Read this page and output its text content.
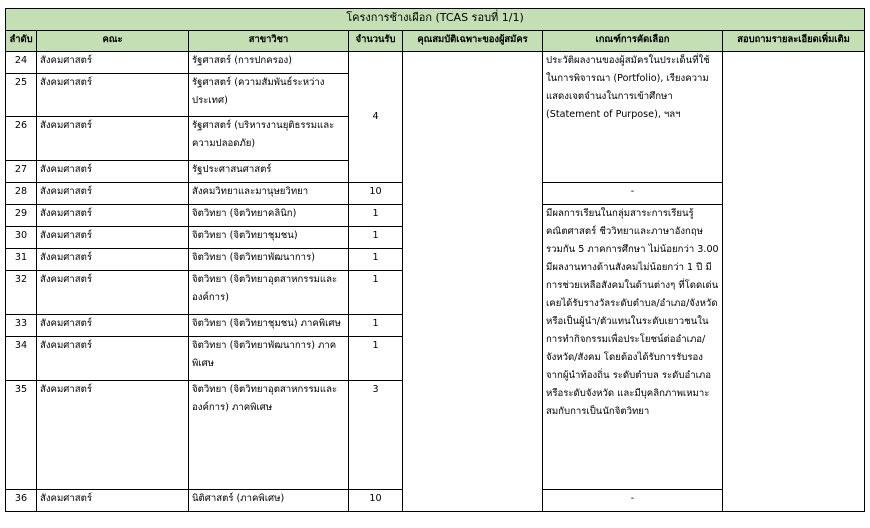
โครงการช้างเผือก (TCAS รอบที่ 1/1)						
ลำดับ	คณะ	สาขาวิชา	จำนวนรับ	คุณสมบัติเฉพาะของผู้สมัคร	เกณฑ์การคัดเลือก	สอบถามรายละเอียดเพิ่มเติม
24	สังคมศาสตร์	รัฐศาสตร์ (การปกครอง)	4		ประวัติผลงานของผู้สมัครในประเด็นที่ใช้ในการพิจารณา (Portfolio), เรียงความแสดงเจตจำนงในการเข้าศึกษา (Statement of Purpose), ฯลฯ	
25	สังคมศาสตร์	รัฐศาสตร์ (ความสัมพันธ์ระหว่างประเทศ)				
26	สังคมศาสตร์	รัฐศาสตร์ (บริหารงานยุติธรรมและความปลอดภัย)				
27	สังคมศาสตร์	รัฐประศาสนศาสตร์				
28	สังคมศาสตร์	สังคมวิทยาและมานุษยวิทยา	10		-	
29	สังคมศาสตร์	จิตวิทยา (จิตวิทยาคลินิก)	1		มีผลการเรียนในกลุ่มสาระการเรียนรู้คณิตศาสตร์ ชีววิทยาและภาษาอังกฤษ รวมกัน 5 ภาคการศึกษา ไม่น้อยกว่า 3.00 มีผลงานทางด้านสังคมไม่น้อยกว่า 1 ปี มีการช่วยเหลือสังคมในด้านต่างๆ ที่โดดเด่น เคยได้รับรางวัลระดับตำบล/อำเภอ/จังหวัด หรือเป็นผู้นำ/ตัวแทนในระดับเยาวชนในการทำกิจกรรมเพื่อประโยชน์ต่ออำเภอ/จังหวัด/สังคม โดยต้องได้รับการรับรองจากผู้นำท้องถิ่น ระดับตำบล ระดับอำเภอ หรือระดับจังหวัด และมีบุคลิกภาพเหมาะสมกับการเป็นนักจิตวิทยา	
30	สังคมศาสตร์	จิตวิทยา (จิตวิทยาชุมชน)	1			
31	สังคมศาสตร์	จิตวิทยา (จิตวิทยาพัฒนาการ)	1			
32	สังคมศาสตร์	จิตวิทยา (จิตวิทยาอุตสาหกรรมและองค์การ)	1			
33	สังคมศาสตร์	จิตวิทยา (จิตวิทยาชุมชน) ภาคพิเศษ	1			
34	สังคมศาสตร์	จิตวิทยา (จิตวิทยาพัฒนาการ) ภาคพิเศษ	1			
35	สังคมศาสตร์	จิตวิทยา (จิตวิทยาอุตสาหกรรมและองค์การ) ภาคพิเศษ	3			
36	สังคมศาสตร์	นิติศาสตร์ (ภาคพิเศษ)	10		-	
